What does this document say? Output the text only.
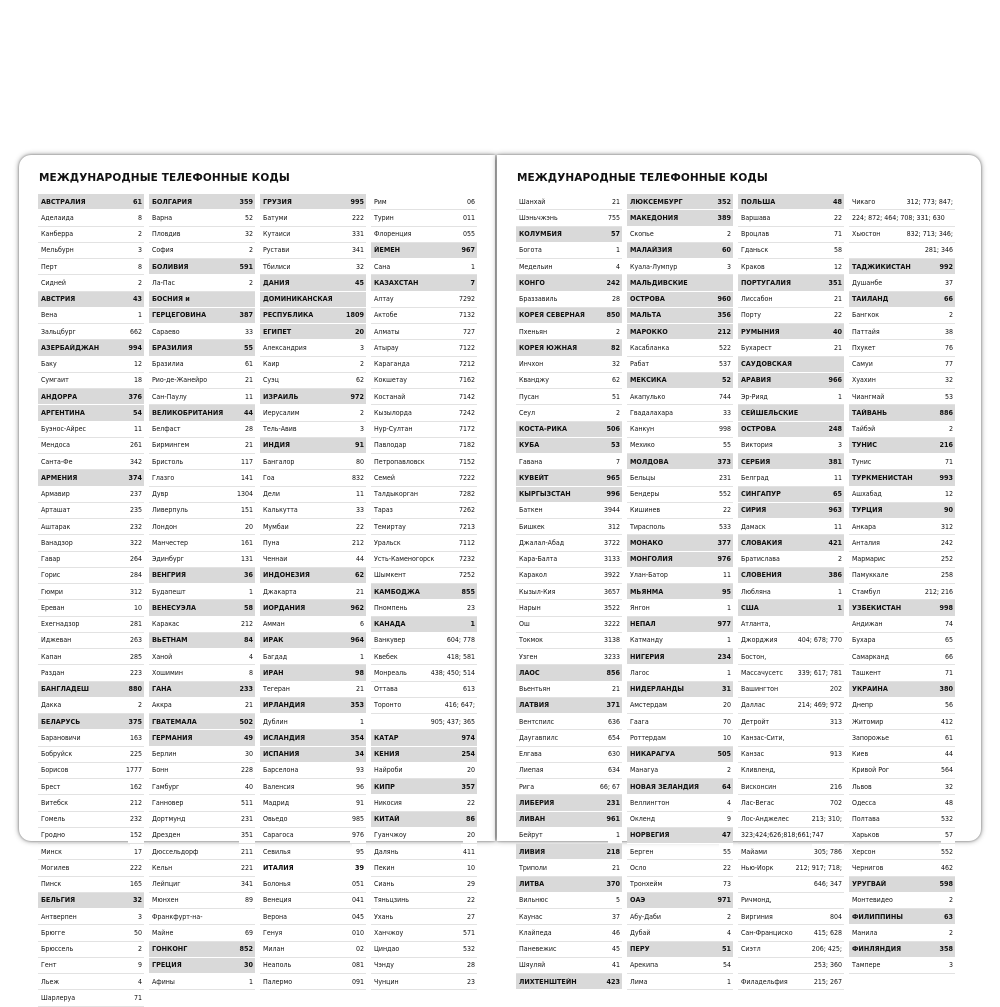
МЕЖДУНАРОДНЫЕ ТЕЛЕФОННЫЕ КОДЫ
АВСТРАЛИЯ	61
Аделаида	8
Канберра	2
Мельбурн	3
Перт	8
Сидней	2
АВСТРИЯ	43
Вена	1
Зальцбург	662
АЗЕРБАЙДЖАН	994
Баку	12
Сумгаит	18
АНДОРРА	376
АРГЕНТИНА	54
Буэнос-Айрес	11
Мендоса	261
Санта-Фе	342
АРМЕНИЯ	374
Армавир	237
Арташат	235
Аштарак	232
Ванадзор	322
Гавар	264
Горис	284
Гюмри	312
Ереван	10
Ехегнадзор	281
Иджеван	263
Капан	285
Раздан	223
БАНГЛАДЕШ	880
Дакка	2
БЕЛАРУСЬ	375
Барановичи	163
Бобруйск	225
Борисов	1777
Брест	162
Витебск	212
Гомель	232
Гродно	152
Минск	17
Могилев	222
Пинск	165
БЕЛЬГИЯ	32
Антверпен	3
Брюгге	50
Брюссель	2
Гент	9
Льеж	4
Шарлеруа	71
БОЛГАРИЯ	359
Варна	52
Пловдив	32
София	2
БОЛИВИЯ	591
Ла-Пас	2
БОСНИЯ и
ГЕРЦЕГОВИНА	387
Сараево	33
БРАЗИЛИЯ	55
Бразилиа	61
Рио-де-Жанейро	21
Сан-Паулу	11
ВЕЛИКОБРИТАНИЯ	44
Белфаст	28
Бирмингем	21
Бристоль	117
Глазго	141
Дувр	1304
Ливерпуль	151
Лондон	20
Манчестер	161
Эдинбург	131
ВЕНГРИЯ	36
Будапешт	1
ВЕНЕСУЭЛА	58
Каракас	212
ВЬЕТНАМ	84
Ханой	4
Хошимин	8
ГАНА	233
Аккра	21
ГВАТЕМАЛА	502
ГЕРМАНИЯ	49
Берлин	30
Бонн	228
Гамбург	40
Ганновер	511
Дортмунд	231
Дрезден	351
Дюссельдорф	211
Кельн	221
Лейпциг	341
Мюнхен	89
Франкфурт-на-
Майне	69
ГОНКОНГ	852
ГРЕЦИЯ	30
Афины	1
ГРУЗИЯ	995
Батуми	222
Кутаиси	331
Рустави	341
Тбилиси	32
ДАНИЯ	45
ДОМИНИКАНСКАЯ
РЕСПУБЛИКА	1809
ЕГИПЕТ	20
Александрия	3
Каир	2
Суэц	62
ИЗРАИЛЬ	972
Иерусалим	2
Тель-Авив	3
ИНДИЯ	91
Бангалор	80
Гоа	832
Дели	11
Калькутта	33
Мумбаи	22
Пуна	212
Ченнаи	44
ИНДОНЕЗИЯ	62
Джакарта	21
ИОРДАНИЯ	962
Амман	6
ИРАК	964
Багдад	1
ИРАН	98
Тегеран	21
ИРЛАНДИЯ	353
Дублин	1
ИСЛАНДИЯ	354
ИСПАНИЯ	34
Барселона	93
Валенсия	96
Мадрид	91
Овьедо	985
Сарагоса	976
Севилья	95
ИТАЛИЯ	39
Болонья	051
Венеция	041
Верона	045
Генуя	010
Милан	02
Неаполь	081
Палермо	091
Рим	06
Турин	011
Флоренция	055
ЙЕМЕН	967
Сана	1
КАЗАХСТАН	7
Алтау	7292
Актобе	7132
Алматы	727
Атырау	7122
Караганда	7212
Кокшетау	7162
Костанай	7142
Кызылорда	7242
Нур-Султан	7172
Павлодар	7182
Петропавловск	7152
Семей	7222
Талдыкорган	7282
Тараз	7262
Темиртау	7213
Уральск	7112
Усть-Каменогорск	7232
Шымкент	7252
КАМБОДЖА	855
Пномпень	23
КАНАДА	1
Ванкувер	604; 778
Квебек	418; 581
Монреаль	438; 450; 514
Оттава	613
Торонто	416; 647;
905; 437; 365
КАТАР	974
КЕНИЯ	254
Найроби	20
КИПР	357
Никосия	22
КИТАЙ	86
Гуанчжоу	20
Далянь	411
Пекин	10
Сиань	29
Тяньцзинь	22
Ухань	27
Ханчжоу	571
Циндао	532
Чэнду	28
Чунцин	23
МЕЖДУНАРОДНЫЕ ТЕЛЕФОННЫЕ КОДЫ
Шанхай	21
Шэньчжэнь	755
КОЛУМБИЯ	57
Богота	1
Медельин	4
КОНГО	242
Браззавиль	28
КОРЕЯ СЕВЕРНАЯ	850
Пхеньян	2
КОРЕЯ ЮЖНАЯ	82
Инчхон	32
Кванджу	62
Пусан	51
Сеул	2
КОСТА-РИКА	506
КУБА	53
Гавана	7
КУВЕЙТ	965
КЫРГЫЗСТАН	996
Баткен	3944
Бишкек	312
Джалал-Абад	3722
Кара-Балта	3133
Каракол	3922
Кызыл-Кия	3657
Нарын	3522
Ош	3222
Токмок	3138
Узген	3233
ЛАОС	856
Вьентьян	21
ЛАТВИЯ	371
Вентспилс	636
Даугавпилс	654
Елгава	630
Лиепая	634
Рига	66; 67
ЛИБЕРИЯ	231
ЛИВАН	961
Бейрут	1
ЛИВИЯ	218
Триполи	21
ЛИТВА	370
Вильнюс	5
Каунас	37
Клайпеда	46
Паневежис	45
Шяуляй	41
ЛИХТЕНШТЕЙН	423
ЛЮКСЕМБУРГ	352
МАКЕДОНИЯ	389
Скопье	2
МАЛАЙЗИЯ	60
Куала-Лумпур	3
МАЛЬДИВСКИЕ
ОСТРОВА	960
МАЛЬТА	356
МАРОККО	212
Касабланка	522
Рабат	537
МЕКСИКА	52
Акапулько	744
Гвадалахара	33
Канкун	998
Мехико	55
МОЛДОВА	373
Бельцы	231
Бендеры	552
Кишинев	22
Тирасполь	533
МОНАКО	377
МОНГОЛИЯ	976
Улан-Батор	11
МЬЯНМА	95
Янгон	1
НЕПАЛ	977
Катманду	1
НИГЕРИЯ	234
Лагос	1
НИДЕРЛАНДЫ	31
Амстердам	20
Гаага	70
Роттердам	10
НИКАРАГУА	505
Манагуа	2
НОВАЯ ЗЕЛАНДИЯ	64
Веллингтон	4
Окленд	9
НОРВЕГИЯ	47
Берген	55
Осло	22
Тронхейм	73
ОАЭ	971
Абу-Даби	2
Дубай	4
ПЕРУ	51
Арекипа	54
Лима	1
ПОЛЬША	48
Варшава	22
Вроцлав	71
Гданьск	58
Краков	12
ПОРТУГАЛИЯ	351
Лиссабон	21
Порту	22
РУМЫНИЯ	40
Бухарест	21
САУДОВСКАЯ
АРАВИЯ	966
Эр-Рияд	1
СЕЙШЕЛЬСКИЕ
ОСТРОВА	248
Виктория	3
СЕРБИЯ	381
Белград	11
СИНГАПУР	65
СИРИЯ	963
Дамаск	11
СЛОВАКИЯ	421
Братислава	2
СЛОВЕНИЯ	386
Любляна	1
США	1
Атланта,
Джорджия	404; 678; 770
Бостон,
Массачусетс	339; 617; 781
Вашингтон	202
Даллас	214; 469; 972
Детройт	313
Канзас-Сити,
Канзас	913
Кливленд,
Висконсин	216
Лас-Вегас	702
Лос-Анджелес	213; 310;
323;424;626;818;661;747
Майами	305; 786
Нью-Йорк	212; 917; 718;
646; 347
Ричмонд,
Виргиния	804
Сан-Франциско	415; 628
Сиэтл	206; 425;
253; 360
Филадельфия	215; 267
Чикаго	312; 773; 847;
224; 872; 464; 708; 331; 630
Хьюстон	832; 713; 346;
281; 346
ТАДЖИКИСТАН	992
Душанбе	37
ТАИЛАНД	66
Бангкок	2
Паттайя	38
Пхукет	76
Самуи	77
Хуахин	32
Чиангмай	53
ТАЙВАНЬ	886
Тайбэй	2
ТУНИС	216
Тунис	71
ТУРКМЕНИСТАН	993
Ашхабад	12
ТУРЦИЯ	90
Анкара	312
Анталия	242
Мармарис	252
Памуккале	258
Стамбул	212; 216
УЗБЕКИСТАН	998
Андижан	74
Бухара	65
Самарканд	66
Ташкент	71
УКРАИНА	380
Днепр	56
Житомир	412
Запорожье	61
Киев	44
Кривой Рог	564
Львов	32
Одесса	48
Полтава	532
Харьков	57
Херсон	552
Чернигов	462
УРУГВАЙ	598
Монтевидео	2
ФИЛИППИНЫ	63
Манила	2
ФИНЛЯНДИЯ	358
Тампере	3
